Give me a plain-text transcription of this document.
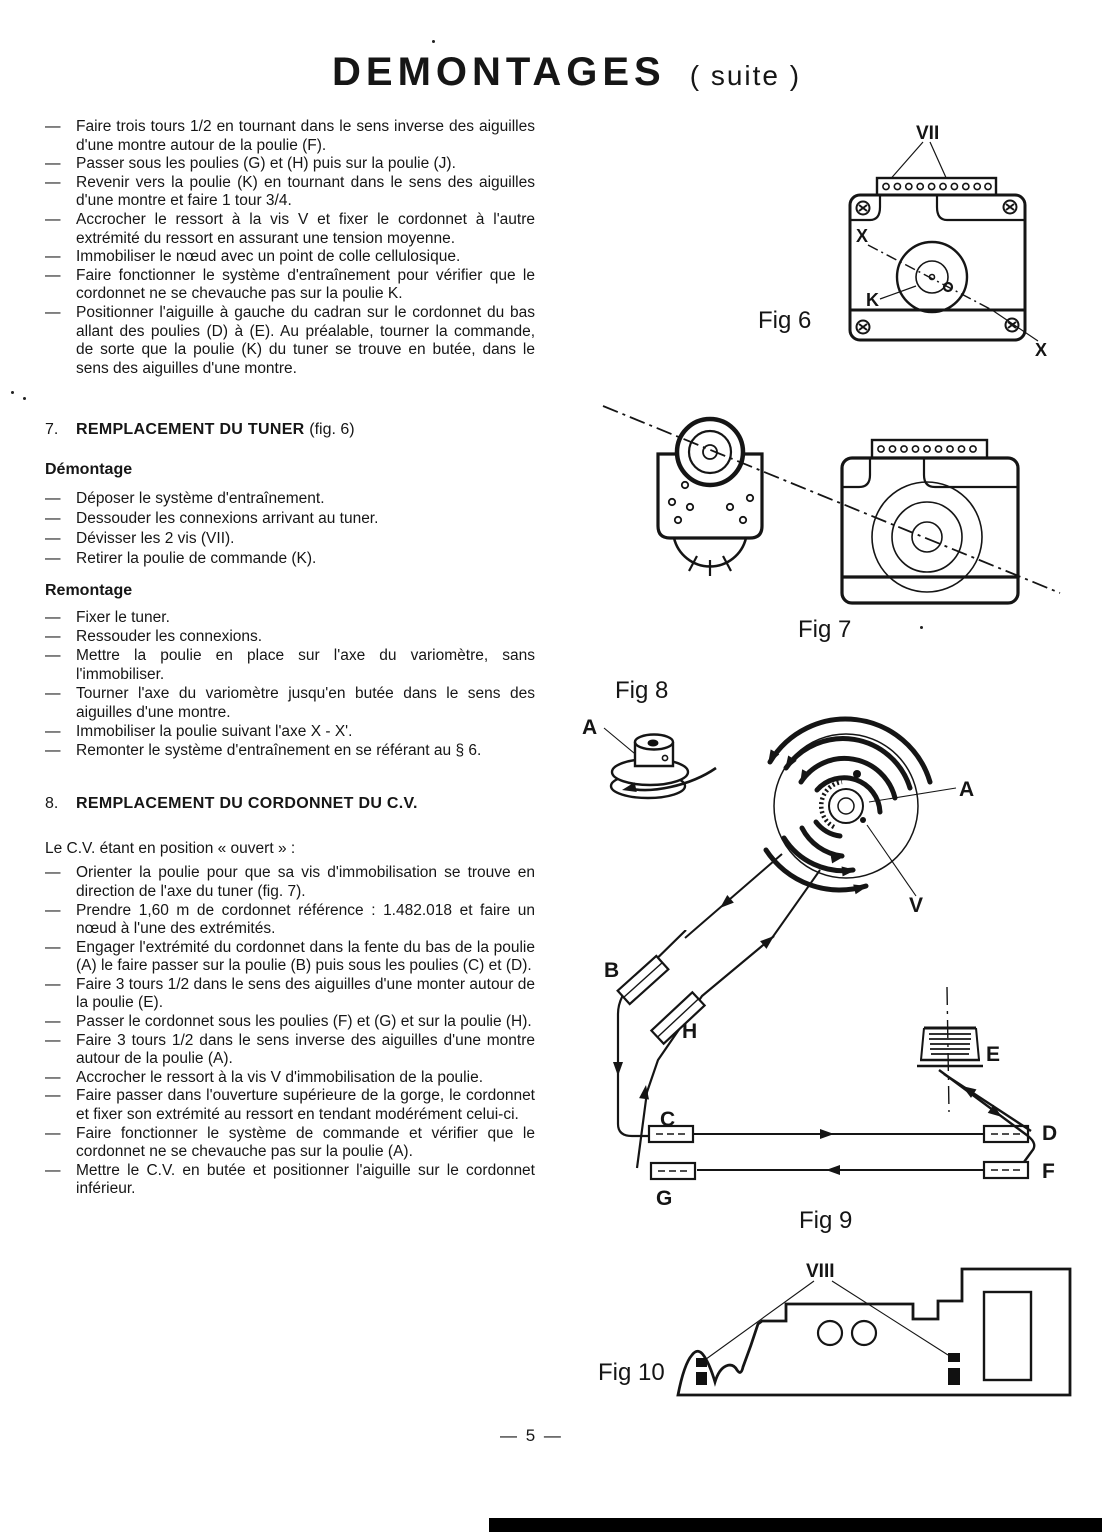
DEMONTAGES ( suite )
—	Faire trois tours 1/2 en tournant dans le sens inverse des aiguilles d'une montre autour de la poulie (F).

—	Passer sous les poulies (G) et (H) puis sur la poulie (J).

—	Revenir vers la poulie (K) en tournant dans le sens des aiguilles d'une montre et faire 1 tour 3/4.

—	Accrocher le ressort à la vis V et fixer le cordonnet à l'autre extrémité du ressort en assurant une tension moyenne.

—	Immobiliser le nœud avec un point de colle cellulosique.

—	Faire fonctionner le système d'entraînement pour vérifier que le cordonnet ne se chevauche pas sur la poulie K.

—	Positionner l'aiguille à gauche du cadran sur le cordonnet du bas allant des poulies (D) à (E). Au préalable, tourner la commande, de sorte que la poulie (K) du tuner se trouve en butée, dans le sens des aiguilles d'une montre.

7.	REMPLACEMENT DU TUNER (fig. 6)

Démontage
—	Déposer le système d'entraînement.

—	Dessouder les connexions arrivant au tuner.

—	Dévisser les 2 vis (VII).

—	Retirer la poulie de commande (K).

Remontage
—	Fixer le tuner.

—	Ressouder les connexions.

—	Mettre la poulie en place sur l'axe du variomètre, sans l'immobiliser.

—	Tourner l'axe du variomètre jusqu'en butée dans le sens des aiguilles d'une montre.

—	Immobiliser la poulie suivant l'axe X - X'.

—	Remonter le système d'entraînement en se référant au § 6.

8.	REMPLACEMENT DU CORDONNET DU C.V.

Le C.V. étant en position « ouvert » :
—	Orienter la poulie pour que sa vis d'immobilisation se trouve en direction de l'axe du tuner (fig. 7).

—	Prendre 1,60 m de cordonnet référence : 1.482.018 et faire un nœud à l'une des extrémités.

—	Engager l'extrémité du cordonnet dans la fente du bas de la poulie (A) le faire passer sur la poulie (B) puis sous les poulies (C) et (D).

—	Faire 3 tours 1/2 dans le sens des aiguilles d'une monter autour de la poulie (E).

—	Passer le cordonnet sous les poulies (F) et (G) et sur la poulie (H).

—	Faire 3 tours 1/2 dans le sens inverse des aiguilles d'une montre autour de la poulie (A).

—	Accrocher le ressort à la vis V d'immobilisation de la poulie.

—	Faire passer dans l'ouverture supérieure de la gorge, le cordonnet et fixer son extrémité au ressort en tendant modérément celui-ci.

—	Faire fonctionner le système de commande et vérifier que le cordonnet ne se chevauche pas sur la poulie (A).

—	Mettre le C.V. en butée et positionner l'aiguille sur le cordonnet inférieur.

VII
X
K
X
Fig 6
Fig 7
Fig 8
A
A
V
B
H
C
G
E
D
F
Fig 9
VIII
Fig 10
— 5 —
